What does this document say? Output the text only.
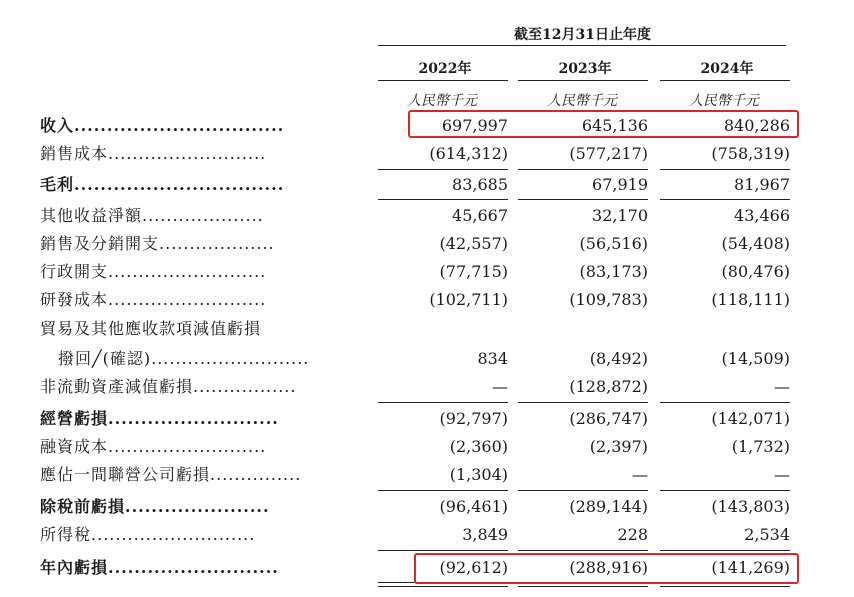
截至12月31日止年度
2022年	2023年	2024年
人民幣千元	人民幣千元	人民幣千元
收入................................	697,997	645,136	840,286
銷售成本..........................	(614,312)	(577,217)	(758,319)
毛利................................	83,685	67,919	81,967
其他收益淨額....................	45,667	32,170	43,466
銷售及分銷開支...................	(42,557)	(56,516)	(54,408)
行政開支..........................	(77,715)	(83,173)	(80,476)
研發成本..........................	(102,711)	(109,783)	(118,111)
貿易及其他應收款項減值虧損
撥回╱(確認)..........................	834	(8,492)	(14,509)
非流動資產減值虧損.................	—	(128,872)	—
經營虧損..........................	(92,797)	(286,747)	(142,071)
融資成本..........................	(2,360)	(2,397)	(1,732)
應佔一間聯營公司虧損...............	(1,304)	—	—
除稅前虧損......................	(96,461)	(289,144)	(143,803)
所得稅...........................	3,849	228	2,534
年內虧損..........................	(92,612)	(288,916)	(141,269)
